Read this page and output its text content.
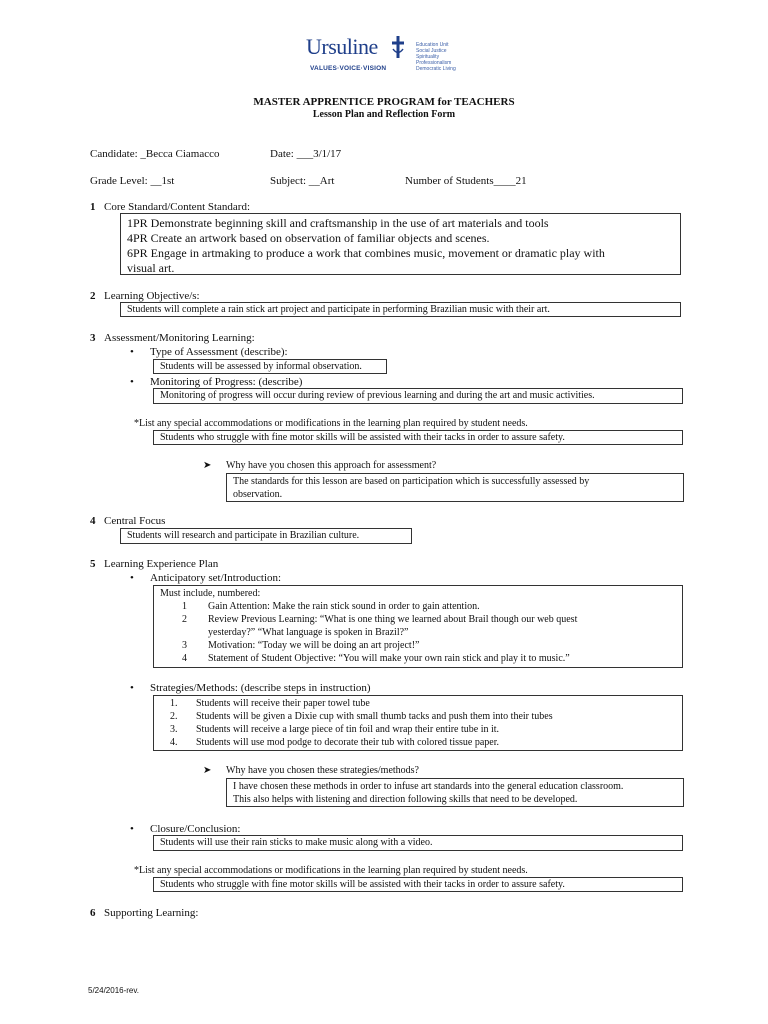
Ursuline
VALUES·VOICE·VISION
Education Unit
Social Justice
Spirituality
Professionalism
Democratic Living
MASTER APPRENTICE PROGRAM for TEACHERS
Lesson Plan and Reflection Form
Candidate: _Becca Ciamacco	Date: ___3/1/17
Grade Level: __1st	Subject: __Art	Number of Students____21
1 Core Standard/Content Standard:
1PR Demonstrate beginning skill and craftsmanship in the use of art materials and tools
4PR Create an artwork based on observation of familiar objects and scenes.
6PR Engage in artmaking to produce a work that combines music, movement or dramatic play with
visual art.
2 Learning Objective/s:
Students will complete a rain stick art project and participate in performing Brazilian music with their art.
3 Assessment/Monitoring Learning:
• Type of Assessment (describe):
Students will be assessed by informal observation.
• Monitoring of Progress: (describe)
Monitoring of progress will occur during review of previous learning and during the art and music activities.
*List any special accommodations or modifications in the learning plan required by student needs.
Students who struggle with fine motor skills will be assisted with their tacks in order to assure safety.
➤ Why have you chosen this approach for assessment?
The standards for this lesson are based on participation which is successfully assessed by
observation.
4 Central Focus
Students will research and participate in Brazilian culture.
5 Learning Experience Plan
• Anticipatory set/Introduction:
Must include, numbered:
1 Gain Attention: Make the rain stick sound in order to gain attention.
2 Review Previous Learning: “What is one thing we learned about Brail though our web quest
yesterday?” “What language is spoken in Brazil?”
3 Motivation: “Today we will be doing an art project!”
4 Statement of Student Objective: “You will make your own rain stick and play it to music.”
• Strategies/Methods: (describe steps in instruction)
1. Students will receive their paper towel tube
2. Students will be given a Dixie cup with small thumb tacks and push them into their tubes
3. Students will receive a large piece of tin foil and wrap their entire tube in it.
4. Students will use mod podge to decorate their tub with colored tissue paper.
➤ Why have you chosen these strategies/methods?
I have chosen these methods in order to infuse art standards into the general education classroom.
This also helps with listening and direction following skills that need to be developed.
• Closure/Conclusion:
Students will use their rain sticks to make music along with a video.
*List any special accommodations or modifications in the learning plan required by student needs.
Students who struggle with fine motor skills will be assisted with their tacks in order to assure safety.
6 Supporting Learning:
5/24/2016-rev.
